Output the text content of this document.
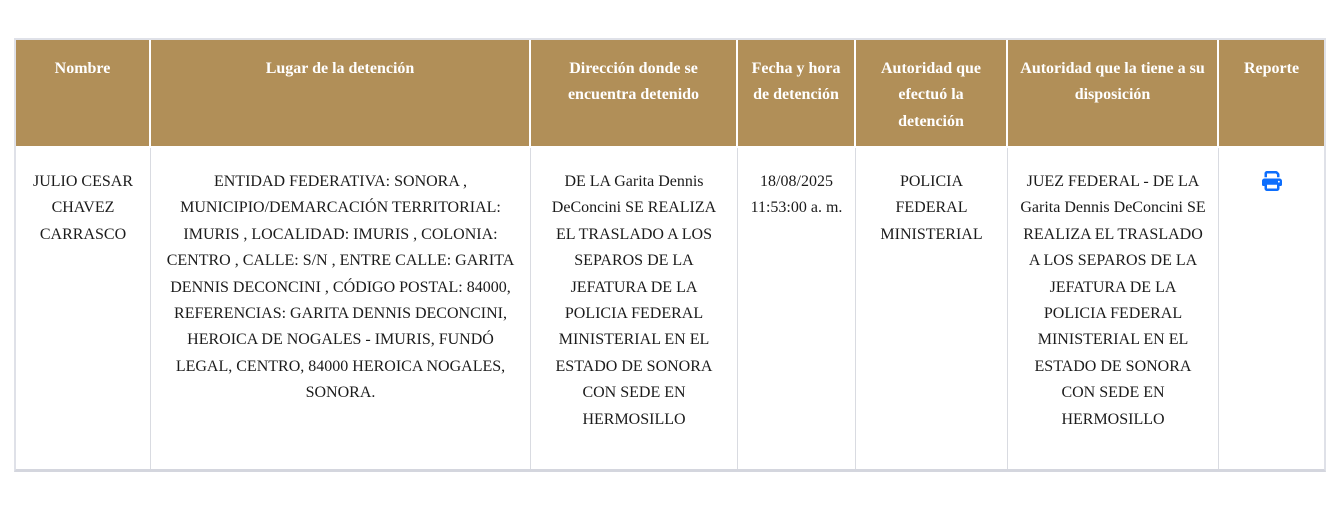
Nombre	Lugar de la detención	Dirección donde se encuentra detenido	Fecha y hora de detención	Autoridad que efectuó la detención	Autoridad que la tiene a su disposición	Reporte
JULIO CESAR CHAVEZ CARRASCO	ENTIDAD FEDERATIVA: SONORA , MUNICIPIO/DEMARCACIÓN TERRITORIAL: IMURIS , LOCALIDAD: IMURIS , COLONIA: CENTRO , CALLE: S/N , ENTRE CALLE: GARITA DENNIS DECONCINI , CÓDIGO POSTAL: 84000, REFERENCIAS: GARITA DENNIS DECONCINI, HEROICA DE NOGALES - IMURIS, FUNDÓ LEGAL, CENTRO, 84000 HEROICA NOGALES, SONORA.	DE LA Garita Dennis DeConcini SE REALIZA EL TRASLADO A LOS SEPAROS DE LA JEFATURA DE LA POLICIA FEDERAL MINISTERIAL EN EL ESTADO DE SONORA CON SEDE EN HERMOSILLO	18/08/2025 11:53:00 a. m.	POLICIA FEDERAL MINISTERIAL	JUEZ FEDERAL - DE LA Garita Dennis DeConcini SE REALIZA EL TRASLADO A LOS SEPAROS DE LA JEFATURA DE LA POLICIA FEDERAL MINISTERIAL EN EL ESTADO DE SONORA CON SEDE EN HERMOSILLO	
